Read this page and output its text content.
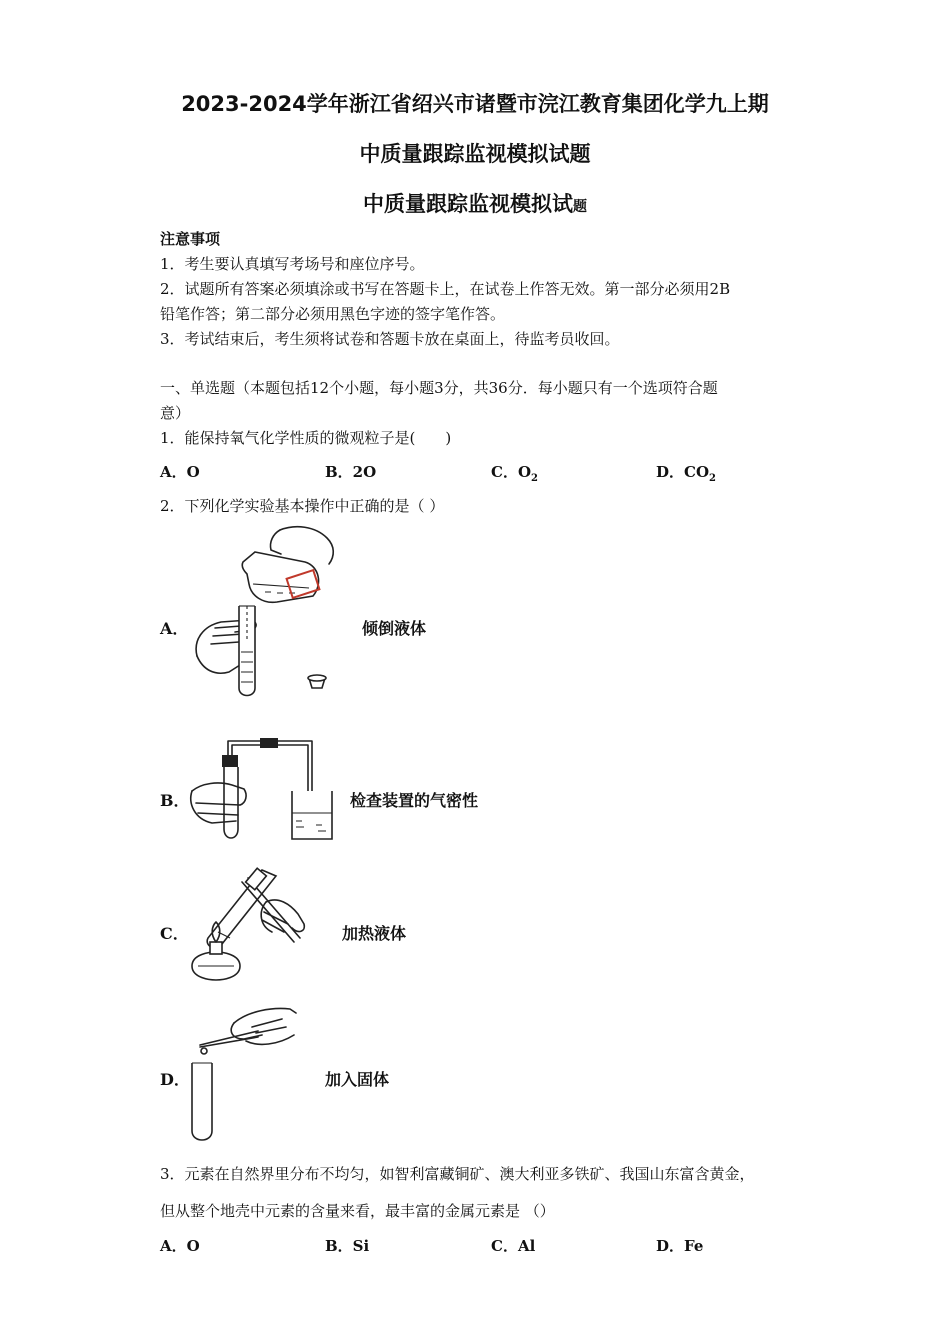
2023-2024学年浙江省绍兴市诸暨市浣江教育集团化学九上期
中质量跟踪监视模拟试题
中质量跟踪监视模拟试题
注意事项
1．考生要认真填写考场号和座位序号。
2．试题所有答案必须填涂或书写在答题卡上，在试卷上作答无效。第一部分必须用2B
铅笔作答；第二部分必须用黑色字迹的签字笔作答。
3．考试结束后，考生须将试卷和答题卡放在桌面上，待监考员收回。
一、单选题（本题包括12个小题，每小题3分，共36分．每小题只有一个选项符合题
意）
1．能保持氧气化学性质的微观粒子是(　　)
A．O	B．2O	C．$O_2$	D．$CO_2$
2．下列化学实验基本操作中正确的是（ ）
A．	倾倒液体
B．	检查装置的气密性
C．	加热液体
D．	加入固体
3．元素在自然界里分布不均匀，如智利富藏铜矿、澳大利亚多铁矿、我国山东富含黄金，
但从整个地壳中元素的含量来看，最丰富的金属元素是 （）
A．O	B．Si	C．Al	D．Fe
